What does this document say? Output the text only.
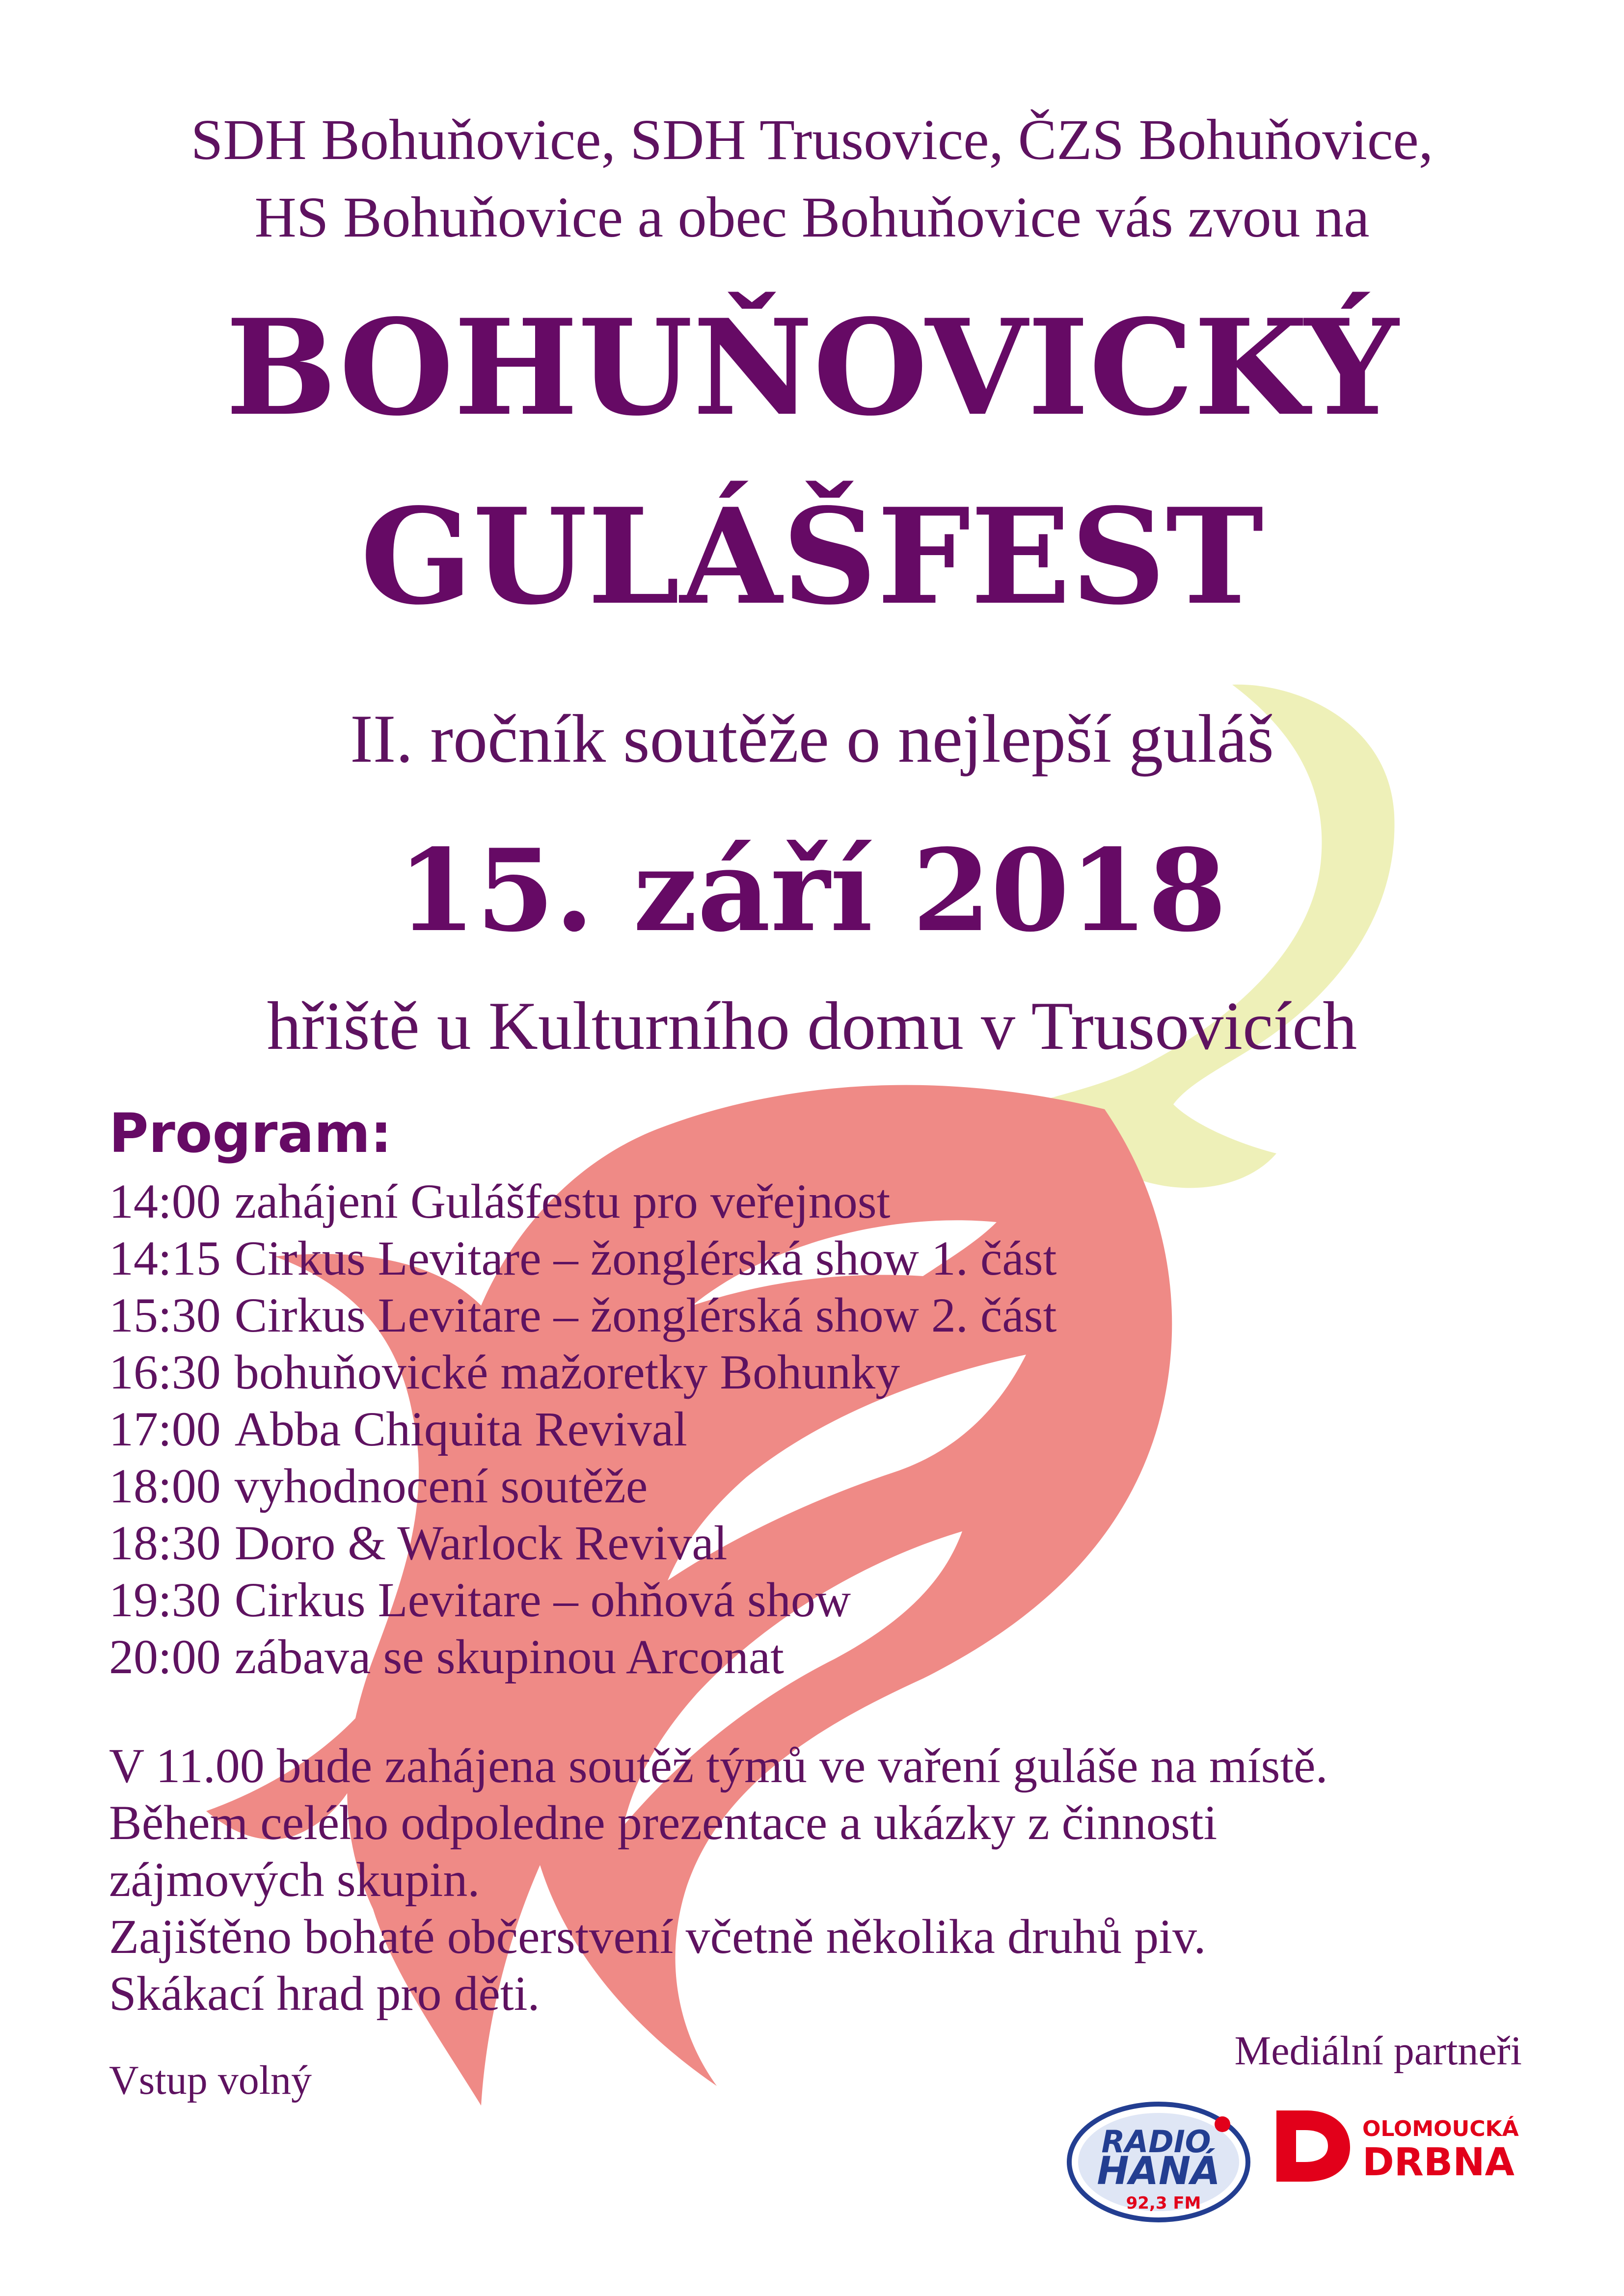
SDH Bohuňovice, SDH Trusovice, ČZS Bohuňovice,
HS Bohuňovice a obec Bohuňovice vás zvou na
BOHUŇOVICKÝ
GULÁŠFEST
II. ročník soutěže o nejlepší guláš
15. září 2018
hřiště u Kulturního domu v Trusovicích
Program:
14:00 zahájení Gulášfestu pro veřejnost
14:15 Cirkus Levitare – žonglérská show 1. část
15:30 Cirkus Levitare – žonglérská show 2. část
16:30 bohuňovické mažoretky Bohunky
17:00 Abba Chiquita Revival
18:00 vyhodnocení soutěže
18:30 Doro & Warlock Revival
19:30 Cirkus Levitare – ohňová show
20:00 zábava se skupinou Arconat

V 11.00 bude zahájena soutěž týmů ve vaření guláše na místě.

Během celého odpoledne prezentace a ukázky z činnosti

zájmových skupin.

Zajištěno bohaté občerstvení včetně několika druhů piv.

Skákací hrad pro děti.

Vstup volný
Mediální partneři
RADIO
HANÁ
92,3 FM
OLOMOUCKÁ
DRBNA
